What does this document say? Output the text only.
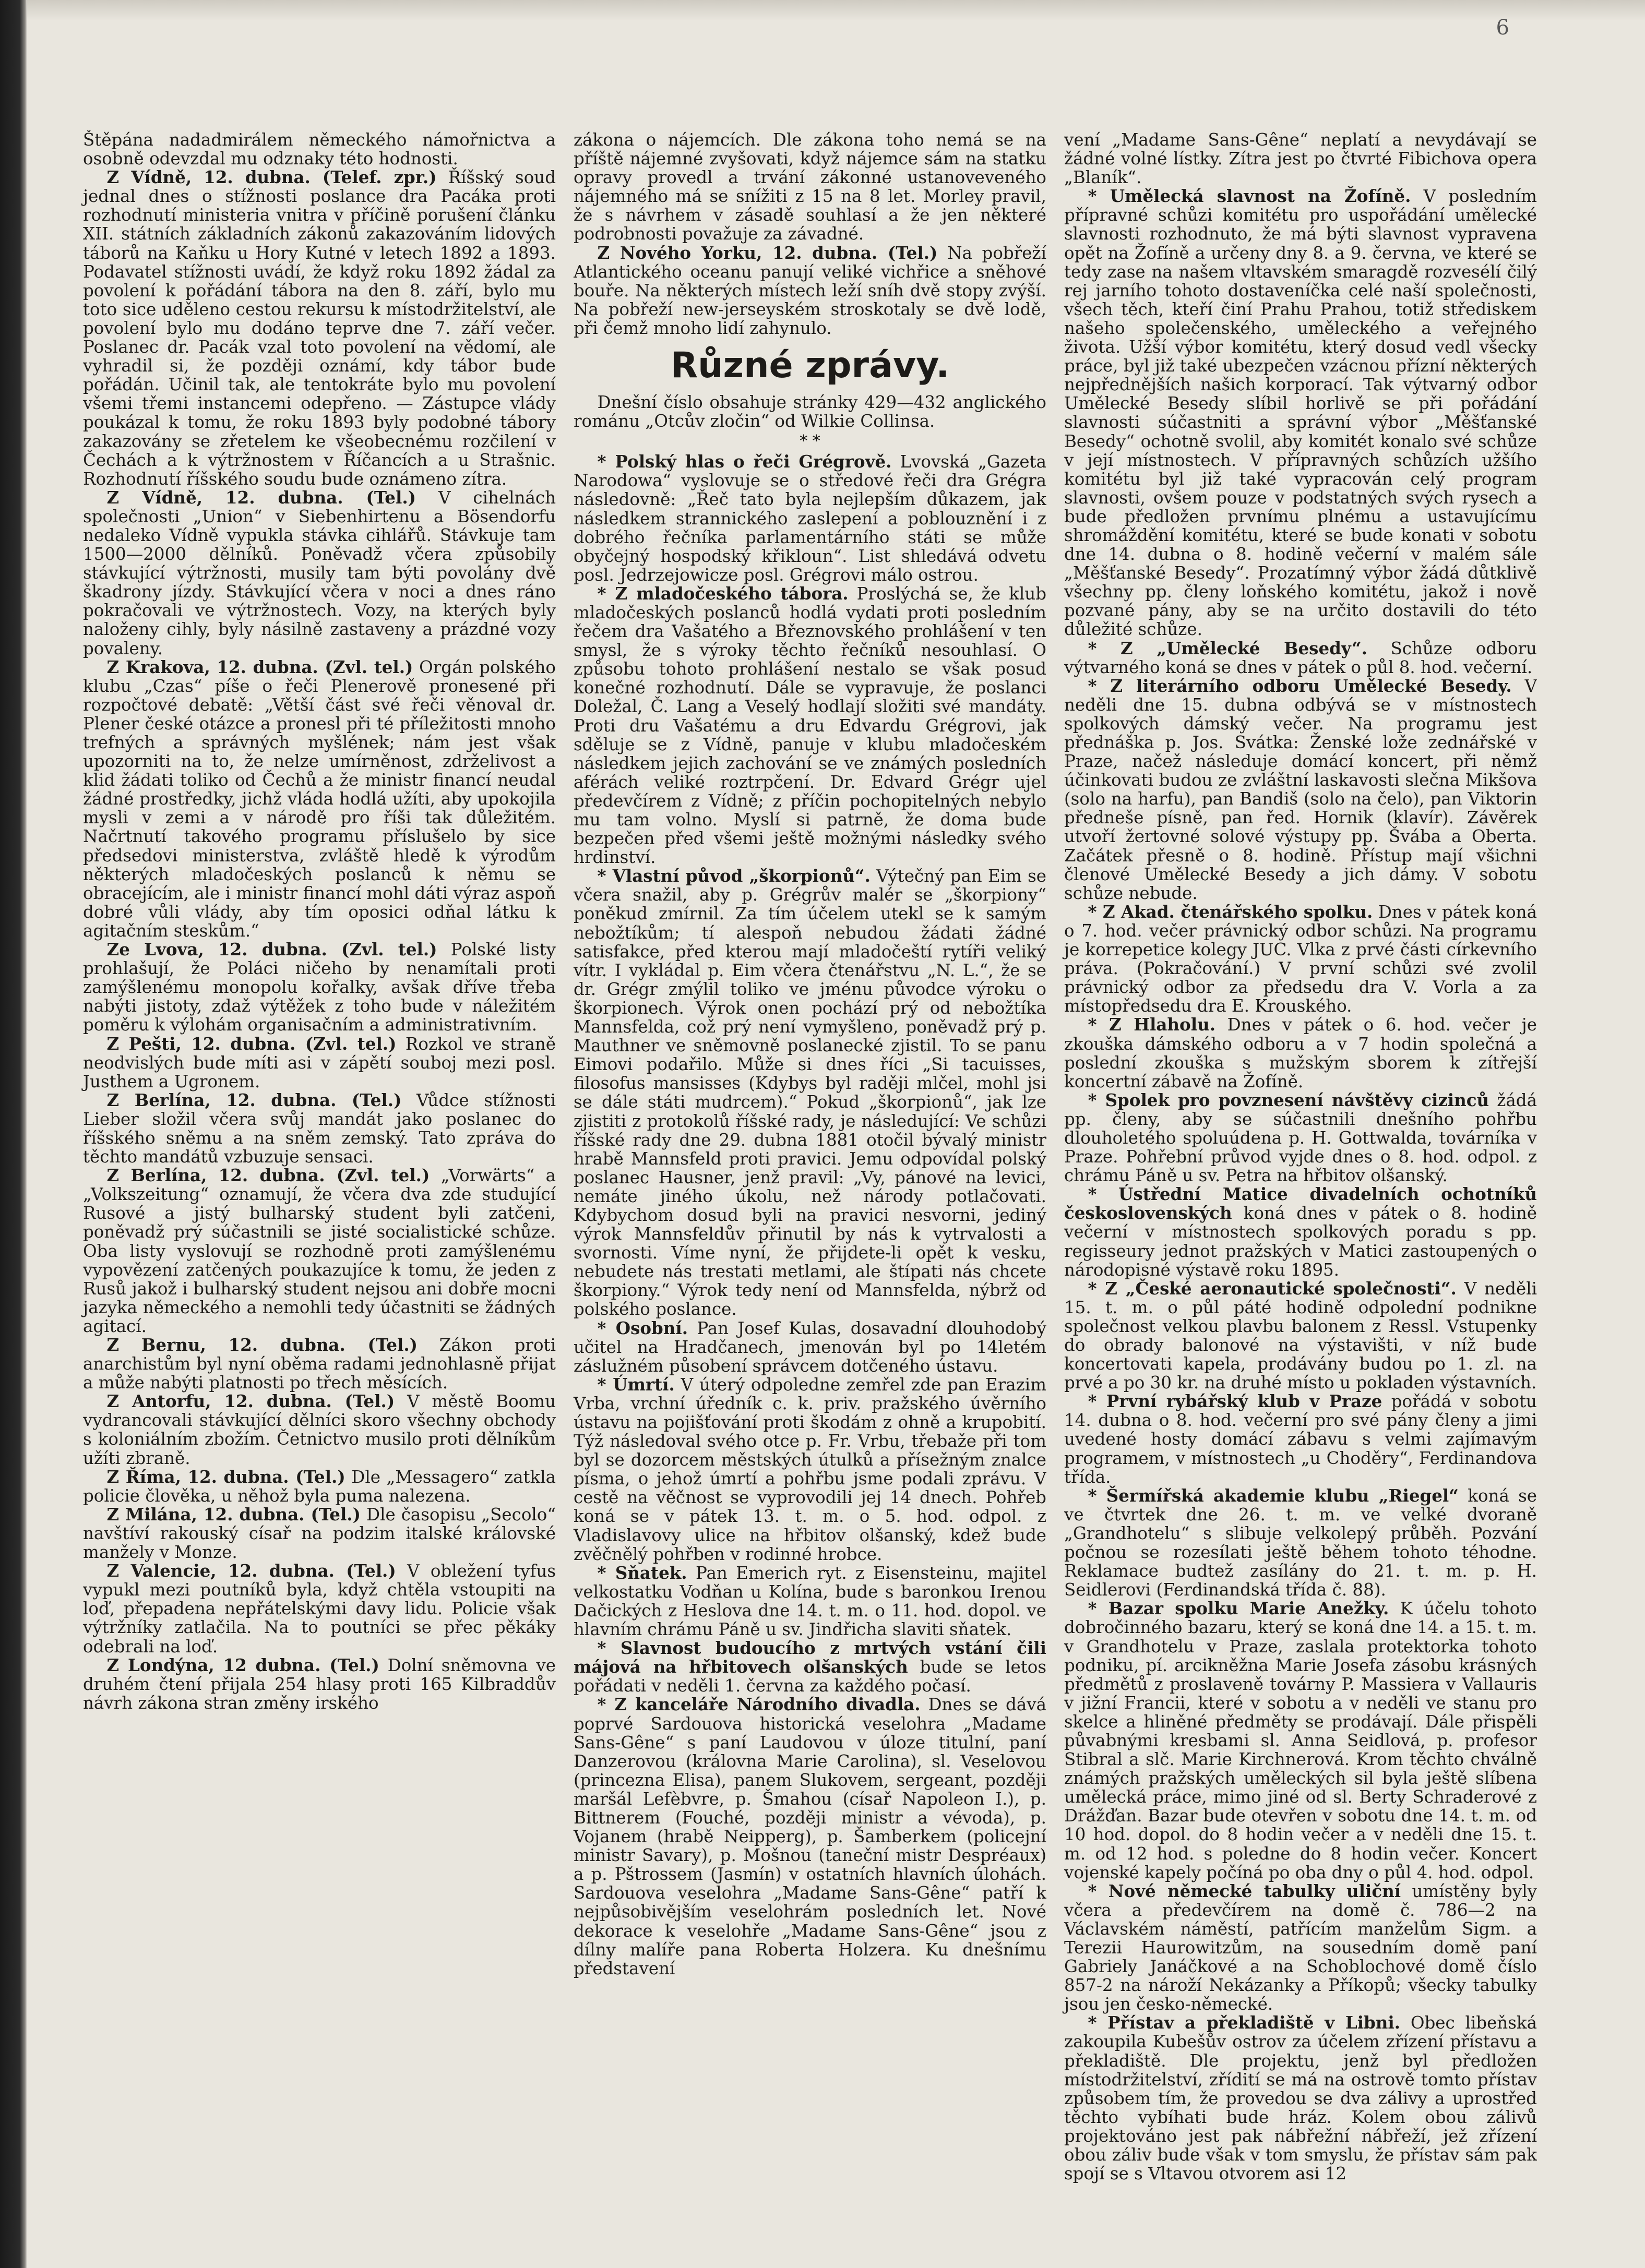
6

Štěpána nadadmirálem německého námořnictva a osobně odevzdal mu odznaky této hodnosti.

Z Vídně, 12. dubna. (Telef. zpr.) Říšský soud jednal dnes o stížnosti poslance dra Pacáka proti rozhodnutí ministeria vnitra v příčině porušení článku XII. státních základních zákonů zakazováním lidových táborů na Kaňku u Hory Kutné v letech 1892 a 1893. Podavatel stížnosti uvádí, že když roku 1892 žádal za povolení k pořádání tábora na den 8. září, bylo mu toto sice uděleno cestou rekursu k místodržitelství, ale povolení bylo mu dodáno teprve dne 7. září večer. Poslanec dr. Pacák vzal toto povolení na vědomí, ale vyhradil si, že později oznámí, kdy tábor bude pořádán. Učinil tak, ale tentokráte bylo mu povolení všemi třemi instancemi odepřeno. — Zástupce vlády poukázal k tomu, že roku 1893 byly podobné tábory zakazovány se zřetelem ke všeobecnému rozčilení v Čechách a k výtržnostem v Říčancích a u Strašnic. Rozhodnutí říšského soudu bude oznámeno zítra.

Z Vídně, 12. dubna. (Tel.) V cihelnách společnosti „Union“ v Siebenhirtenu a Bösendorfu nedaleko Vídně vypukla stávka cihlářů. Stávkuje tam 1500—2000 dělníků. Poněvadž včera způsobily stávkující výtržnosti, musily tam býti povolány dvě škadrony jízdy. Stávkující včera v noci a dnes ráno pokračovali ve výtržnostech. Vozy, na kterých byly naloženy cihly, byly násilně zastaveny a prázdné vozy povaleny.

Z Krakova, 12. dubna. (Zvl. tel.) Orgán polského klubu „Czas“ píše o řeči Plenerově pronesené při rozpočtové debatě: „Větší část své řeči věnoval dr. Plener české otázce a pronesl při té příležitosti mnoho trefných a správných myšlének; nám jest však upozorniti na to, že nelze umírněnost, zdrželivost a klid žádati toliko od Čechů a že ministr financí neudal žádné prostředky, jichž vláda hodlá užíti, aby upokojila mysli v zemi a v národě pro říši tak důležitém. Načrtnutí takového programu příslušelo by sice předsedovi ministerstva, zvláště hledě k výrodům některých mladočeských poslanců k němu se obracejícím, ale i ministr financí mohl dáti výraz aspoň dobré vůli vlády, aby tím oposici odňal látku k agitačním steskům.“

Ze Lvova, 12. dubna. (Zvl. tel.) Polské listy prohlašují, že Poláci ničeho by nenamítali proti zamýšlenému monopolu kořalky, avšak dříve třeba nabýti jistoty, zdaž výtěžek z toho bude v náležitém poměru k výlohám organisačním a administrativním.

Z Pešti, 12. dubna. (Zvl. tel.) Rozkol ve straně neodvislých bude míti asi v zápětí souboj mezi posl. Justhem a Ugronem.

Z Berlína, 12. dubna. (Tel.) Vůdce stížnosti Lieber složil včera svůj mandát jako poslanec do říšského sněmu a na sněm zemský. Tato zpráva do těchto mandátů vzbuzuje sensaci.

Z Berlína, 12. dubna. (Zvl. tel.) „Vorwärts“ a „Volkszeitung“ oznamují, že včera dva zde studující Rusové a jistý bulharský student byli zatčeni, poněvadž prý súčastnili se jisté socialistické schůze. Oba listy vyslovují se rozhodně proti zamýšlenému vypovězení zatčených poukazujíce k tomu, že jeden z Rusů jakož i bulharský student nejsou ani dobře mocni jazyka německého a nemohli tedy účastniti se žádných agitací.

Z Bernu, 12. dubna. (Tel.) Zákon proti anarchistům byl nyní oběma radami jednohlasně přijat a může nabýti platnosti po třech měsících.

Z Antorfu, 12. dubna. (Tel.) V městě Boomu vydrancovali stávkující dělníci skoro všechny obchody s koloniálním zbožím. Četnictvo musilo proti dělníkům užíti zbraně.

Z Říma, 12. dubna. (Tel.) Dle „Messagero“ zatkla policie člověka, u něhož byla puma nalezena.

Z Milána, 12. dubna. (Tel.) Dle časopisu „Secolo“ navštíví rakouský císař na podzim italské královské manžely v Monze.

Z Valencie, 12. dubna. (Tel.) V obležení tyfus vypukl mezi poutníků byla, když chtěla vstoupiti na loď, přepadena nepřátelskými davy lidu. Policie však výtržníky zatlačila. Na to poutníci se přec pěkáky odebrali na loď.

Z Londýna, 12 dubna. (Tel.) Dolní sněmovna ve druhém čtení přijala 254 hlasy proti 165 Kilbraddův návrh zákona stran změny irského

zákona o nájemcích. Dle zákona toho nemá se na příště nájemné zvyšovati, když nájemce sám na statku opravy provedl a trvání zákonné ustanoveveného nájemného má se snížiti z 15 na 8 let. Morley pravil, že s návrhem v zásadě souhlasí a že jen některé podrobnosti považuje za závadné.

Z Nového Yorku, 12. dubna. (Tel.) Na pobřeží Atlantického oceanu panují veliké vichřice a sněhové bouře. Na některých místech leží sníh dvě stopy zvýší. Na pobřeží new-jerseyském stroskotaly se dvě lodě, při čemž mnoho lidí zahynulo.

Různé zprávy.

Dnešní číslo obsahuje stránky 429—432 anglického románu „Otcův zločin“ od Wilkie Collinsa.

* *

* Polský hlas o řeči Grégrově. Lvovská „Gazeta Narodowa“ vyslovuje se o středové řeči dra Grégra následovně: „Řeč tato byla nejlepším důkazem, jak následkem strannického zaslepení a poblouznění i z dobrého řečníka parlamentárního státi se může obyčejný hospodský křikloun“. List shledává odvetu posl. Jedrzejowicze posl. Grégrovi málo ostrou.

* Z mladočeského tábora. Proslýchá se, že klub mladočeských poslanců hodlá vydati proti posledním řečem dra Vašatého a Březnovského prohlášení v ten smysl, že s výroky těchto řečníků nesouhlasí. O způsobu tohoto prohlášení nestalo se však posud konečné rozhodnutí. Dále se vypravuje, že poslanci Doležal, Č. Lang a Veselý hodlají složiti své mandáty. Proti dru Vašatému a dru Edvardu Grégrovi, jak sděluje se z Vídně, panuje v klubu mladočeském následkem jejich zachování se ve známých posledních aférách veliké roztrpčení. Dr. Edvard Grégr ujel předevčírem z Vídně; z příčin pochopitelných nebylo mu tam volno. Myslí si patrně, že doma bude bezpečen před všemi ještě možnými následky svého hrdinství.

* Vlastní původ „škorpionů“. Výtečný pan Eim se včera snažil, aby p. Grégrův malér se „škorpiony“ poněkud zmírnil. Za tím účelem utekl se k samým nebožtíkům; tí alespoň nebudou žádati žádné satisfakce, před kterou mají mladočeští rytíři veliký vítr. I vykládal p. Eim včera čtenářstvu „N. L.“, že se dr. Grégr zmýlil toliko ve jménu původce výroku o škorpionech. Výrok onen pochází prý od nebožtíka Mannsfelda, což prý není vymyšleno, poněvadž prý p. Mauthner ve sněmovně poslanecké zjistil. To se panu Eimovi podařilo. Může si dnes říci „Si tacuisses, filosofus mansisses (Kdybys byl raději mlčel, mohl jsi se dále státi mudrcem).“ Pokud „škorpionů“, jak lze zjistiti z protokolů říšské rady, je následující: Ve schůzi říšské rady dne 29. dubna 1881 otočil bývalý ministr hrabě Mannsfeld proti pravici. Jemu odpovídal polský poslanec Hausner, jenž pravil: „Vy, pánové na levici, nemáte jiného úkolu, než národy potlačovati. Kdybychom dosud byli na pravici nesvorni, jediný výrok Mannsfeldův přinutil by nás k vytrvalosti a svornosti. Víme nyní, že přijdete-li opět k vesku, nebudete nás trestati metlami, ale štípati nás chcete škorpiony.“ Výrok tedy není od Mannsfelda, nýbrž od polského poslance.

* Osobní. Pan Josef Kulas, dosavadní dlouhodobý učitel na Hradčanech, jmenován byl po 14letém záslužném působení správcem dotčeného ústavu.

* Úmrtí. V úterý odpoledne zemřel zde pan Erazim Vrba, vrchní úředník c. k. priv. pražského úvěrního ústavu na pojišťování proti škodám z ohně a krupobití. Týž následoval svého otce p. Fr. Vrbu, třebaže při tom byl se dozorcem městských útulků a přísežným znalce písma, o jehož úmrtí a pohřbu jsme podali zprávu. V cestě na věčnost se vyprovodili jej 14 dnech. Pohřeb koná se v pátek 13. t. m. o 5. hod. odpol. z Vladislavovy ulice na hřbitov olšanský, kdež bude zvěčnělý pohřben v rodinné hrobce.

* Sňatek. Pan Emerich ryt. z Eisensteinu, majitel velkostatku Vodňan u Kolína, bude s baronkou Irenou Dačických z Heslova dne 14. t. m. o 11. hod. dopol. ve hlavním chrámu Páně u sv. Jindřicha slaviti sňatek.

* Slavnost budoucího z mrtvých vstání čili májová na hřbitovech olšanských bude se letos pořádati v neděli 1. června za každého počasí.

* Z kanceláře Národního divadla. Dnes se dává poprvé Sardouova historická veselohra „Madame Sans-Gêne“ s paní Laudovou v úloze titulní, paní Danzerovou (královna Marie Carolina), sl. Veselovou (princezna Elisa), panem Slukovem, sergeant, později maršál Lefèbvre, p. Šmahou (císař Napoleon I.), p. Bittnerem (Fouché, později ministr a vévoda), p. Vojanem (hrabě Neipperg), p. Šamberkem (policejní ministr Savary), p. Mošnou (taneční mistr Despréaux) a p. Pštrossem (Jasmín) v ostatních hlavních úlohách. Sardouova veselohra „Madame Sans-Gêne“ patří k nejpůsobivějším veselohrám posledních let. Nové dekorace k veselohře „Madame Sans-Gêne“ jsou z dílny malíře pana Roberta Holzera. Ku dnešnímu představení

vení „Madame Sans-Gêne“ neplatí a nevydávají se žádné volné lístky. Zítra jest po čtvrté Fibichova opera „Blaník“.

* Umělecká slavnost na Žofíně. V posledním přípravné schůzi komitétu pro uspořádání umělecké slavnosti rozhodnuto, že má býti slavnost vypravena opět na Žofíně a určeny dny 8. a 9. června, ve které se tedy zase na našem vltavském smaragdě rozvesélí čilý rej jarního tohoto dostaveníčka celé naší společnosti, všech těch, kteří činí Prahu Prahou, totiž střediskem našeho společenského, uměleckého a veřejného života. Užší výbor komitétu, který dosud vedl všecky práce, byl již také ubezpečen vzácnou přízní některých nejpřednějších našich korporací. Tak výtvarný odbor Umělecké Besedy slíbil horlivě se při pořádání slavnosti súčastniti a správní výbor „Měšťanské Besedy“ ochotně svolil, aby komitét konalo své schůze v její místnostech. V přípravných schůzích užšího komitétu byl již také vypracován celý program slavnosti, ovšem pouze v podstatných svých rysech a bude předložen prvnímu plnému a ustavujícímu shromáždění komitétu, které se bude konati v sobotu dne 14. dubna o 8. hodině večerní v malém sále „Měšťanské Besedy“. Prozatímný výbor žádá důtklivě všechny pp. členy loňského komitétu, jakož i nově pozvané pány, aby se na určito dostavili do této důležité schůze.

* Z „Umělecké Besedy“. Schůze odboru výtvarného koná se dnes v pátek o půl 8. hod. večerní.

* Z literárního odboru Umělecké Besedy. V neděli dne 15. dubna odbývá se v místnostech spolkových dámský večer. Na programu jest přednáška p. Jos. Svátka: Ženské lože zednářské v Praze, načež následuje domácí koncert, při němž účinkovati budou ze zvláštní laskavosti slečna Mikšova (solo na harfu), pan Bandiš (solo na čelo), pan Viktorin předneše písně, pan řed. Hornik (klavír). Závěrek utvoří žertovné solové výstupy pp. Švába a Oberta. Začátek přesně o 8. hodině. Přístup mají všichni členové Umělecké Besedy a jich dámy. V sobotu schůze nebude.

* Z Akad. čtenářského spolku. Dnes v pátek koná o 7. hod. večer právnický odbor schůzi. Na programu je korrepetice kolegy JUC. Vlka z prvé části církevního práva. (Pokračování.) V první schůzi své zvolil právnický odbor za předsedu dra V. Vorla a za místopředsedu dra E. Krouského.

* Z Hlaholu. Dnes v pátek o 6. hod. večer je zkouška dámského odboru a v 7 hodin společná a poslední zkouška s mužským sborem k zítřejší koncertní zábavě na Žofíně.

* Spolek pro povznesení návštěvy cizinců žádá pp. členy, aby se súčastnili dnešního pohřbu dlouholetého spoluúdena p. H. Gottwalda, továrníka v Praze. Pohřební průvod vyjde dnes o 8. hod. odpol. z chrámu Páně u sv. Petra na hřbitov olšanský.

* Ústřední Matice divadelních ochotníků československých koná dnes v pátek o 8. hodině večerní v místnostech spolkových poradu s pp. regisseury jednot pražských v Matici zastoupených o národopisné výstavě roku 1895.

* Z „České aeronautické společnosti“. V neděli 15. t. m. o půl páté hodině odpolední podnikne společnost velkou plavbu balonem z Ressl. Vstupenky do obrady balonové na výstavišti, v níž bude koncertovati kapela, prodávány budou po 1. zl. na prvé a po 30 kr. na druhé místo u pokladen výstavních.

* První rybářský klub v Praze pořádá v sobotu 14. dubna o 8. hod. večerní pro své pány členy a jimi uvedené hosty domácí zábavu s velmi zajímavým programem, v místnostech „u Choděry“, Ferdinandova třída.

* Šermířská akademie klubu „Riegel“ koná se ve čtvrtek dne 26. t. m. ve velké dvoraně „Grandhotelu“ s slibuje velkolepý průběh. Pozvání počnou se rozesílati ještě během tohoto téhodne. Reklamace budtež zasílány do 21. t. m. p. H. Seidlerovi (Ferdinandská třída č. 88).

* Bazar spolku Marie Anežky. K účelu tohoto dobročinného bazaru, který se koná dne 14. a 15. t. m. v Grandhotelu v Praze, zaslala protektorka tohoto podniku, pí. arcikněžna Marie Josefa zásobu krásných předmětů z proslaveně továrny P. Massiera v Vallauris v jižní Francii, které v sobotu a v neděli ve stanu pro skelce a hliněné předměty se prodávají. Dále přispěli půvabnými kresbami sl. Anna Seidlová, p. profesor Stibral a slč. Marie Kirchnerová. Krom těchto chválně známých pražských uměleckých sil byla ještě slíbena umělecká práce, mimo jiné od sl. Berty Schraderové z Drážďan. Bazar bude otevřen v sobotu dne 14. t. m. od 10 hod. dopol. do 8 hodin večer a v neděli dne 15. t. m. od 12 hod. s poledne do 8 hodin večer. Koncert vojenské kapely počíná po oba dny o půl 4. hod. odpol.

* Nové německé tabulky uliční umístěny byly včera a předevčírem na domě č. 786—2 na Václavském náměstí, patřícím manželům Sigm. a Terezii Haurowitzům, na sousedním domě paní Gabriely Janáčkové a na Schoblochové domě číslo 857-2 na nároží Nekázanky a Příkopů; všecky tabulky jsou jen česko-německé.

* Přístav a překladiště v Libni. Obec libeňská zakoupila Kubešův ostrov za účelem zřízení přístavu a překladiště. Dle projektu, jenž byl předložen místodržitelství, zřídití se má na ostrově tomto přístav způsobem tím, že provedou se dva zálivy a uprostřed těchto vybíhati bude hráz. Kolem obou zálivů projektováno jest pak nábřežní nábřeží, jež zřízení obou záliv bude však v tom smyslu, že přístav sám pak spojí se s Vltavou otvorem asi 12
